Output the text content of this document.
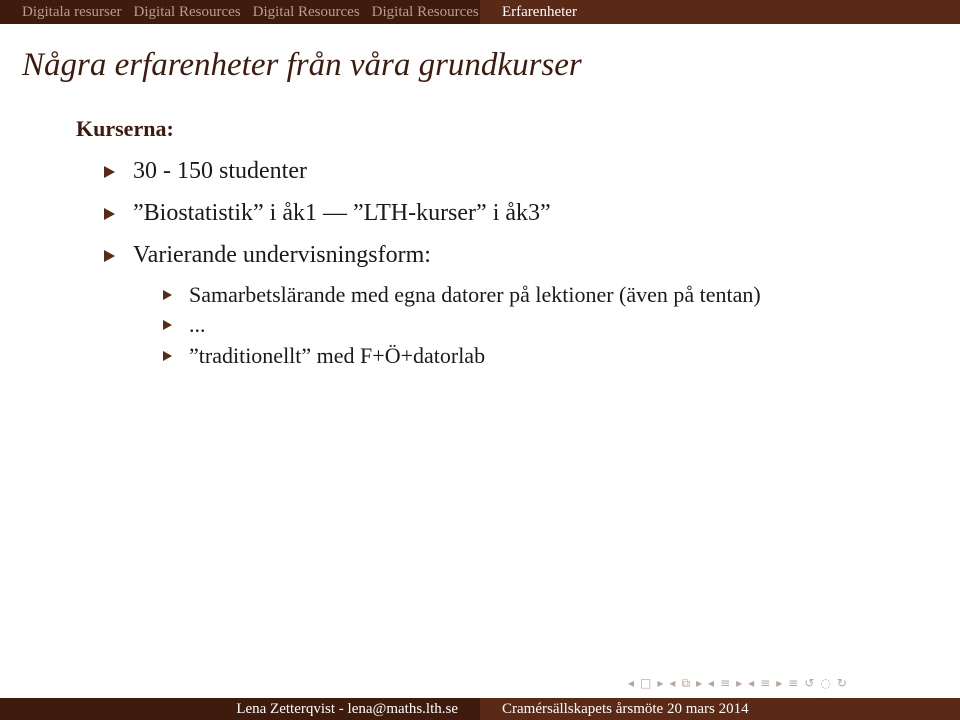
Digitala resurser Digital Resources Digital Resources Digital Resources Erfarenheter
Några erfarenheter från våra grundkurser
Kurserna:
30 - 150 studenter
”Biostatistik” i åk1 — ”LTH-kurser” i åk3”
Varierande undervisningsform:
Samarbetslärande med egna datorer på lektioner (även på tentan)
...
”traditionellt” med F+Ö+datorlab
◂ □ ▸ ◂ ⧉ ▸ ◂ ≡ ▸ ◂ ≡ ▸ ≡ ↺ ◌ ↻
Lena Zetterqvist - lena@maths.lth.se	Cramérsällskapets årsmöte 20 mars 2014
